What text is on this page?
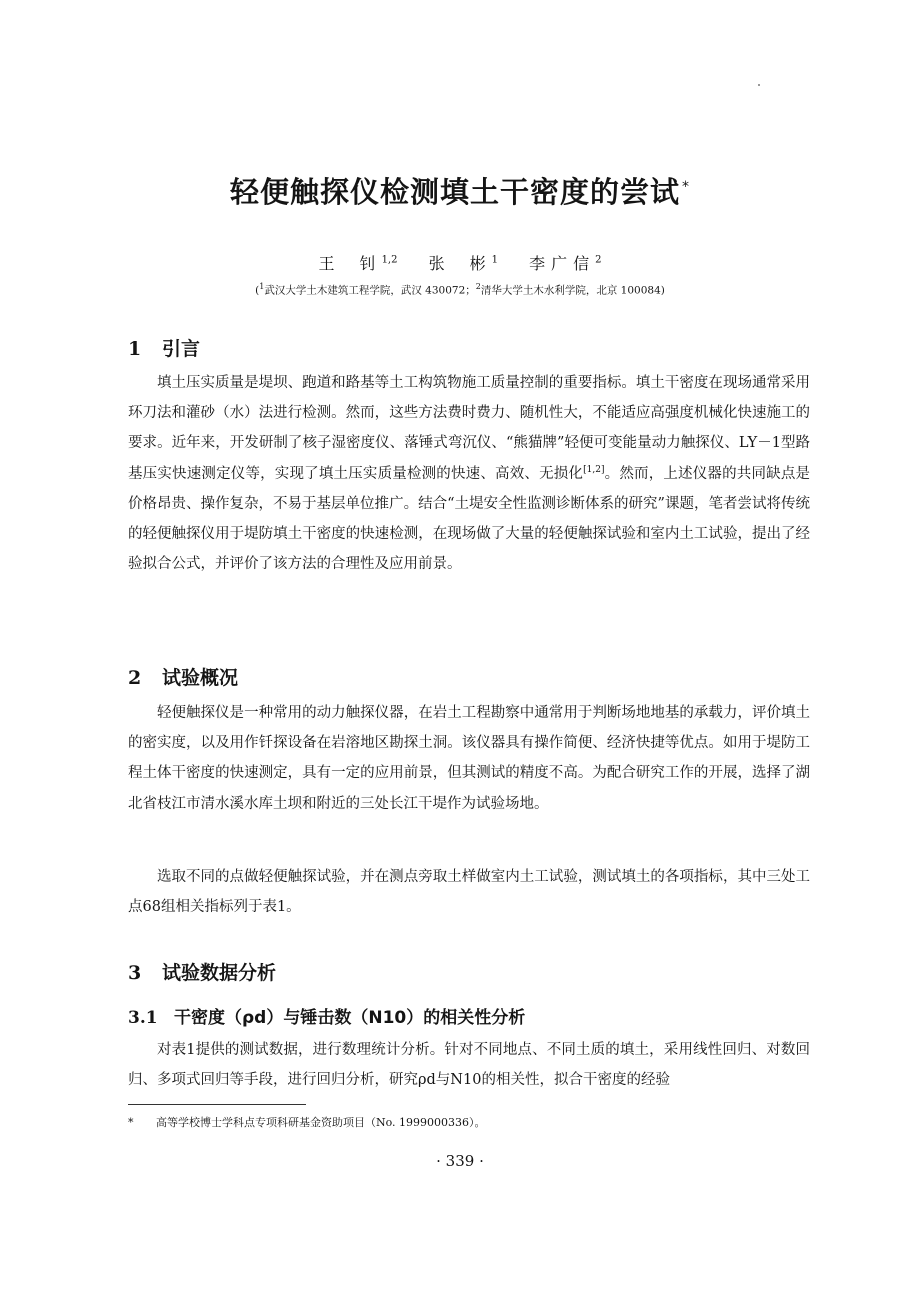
轻便触探仪检测填土干密度的尝试 *
王 钊$^{1,2}$ 张 彬$^1$ 李广信$^2$
($^1$武汉大学土木建筑工程学院，武汉 430072；$^2$清华大学土木水利学院，北京 100084)
1 引言

填土压实质量是堤坝、跑道和路基等土工构筑物施工质量控制的重要指标。填土干密度在现场通常采用环刀法和灌砂（水）法进行检测。然而，这些方法费时费力、随机性大，不能适应高强度机械化快速施工的要求。近年来，开发研制了核子湿密度仪、落锤式弯沉仪、“熊猫牌”轻便可变能量动力触探仪、LY－1型路基压实快速测定仪等，实现了填土压实质量检测的快速、高效、无损化[1,2]。然而，上述仪器的共同缺点是价格昂贵、操作复杂，不易于基层单位推广。结合“土堤安全性监测诊断体系的研究”课题，笔者尝试将传统的轻便触探仪用于堤防填土干密度的快速检测，在现场做了大量的轻便触探试验和室内土工试验，提出了经验拟合公式，并评价了该方法的合理性及应用前景。

2 试验概况

轻便触探仪是一种常用的动力触探仪器，在岩土工程勘察中通常用于判断场地地基的承载力，评价填土的密实度，以及用作钎探设备在岩溶地区勘探土洞。该仪器具有操作简便、经济快捷等优点。如用于堤防工程土体干密度的快速测定，具有一定的应用前景，但其测试的精度不高。为配合研究工作的开展，选择了湖北省枝江市清水溪水库土坝和附近的三处长江干堤作为试验场地。

选取不同的点做轻便触探试验，并在测点旁取土样做室内土工试验，测试填土的各项指标，其中三处工点68组相关指标列于表1。

3 试验数据分析
3.1 干密度（ρd）与锤击数（N10）的相关性分析

对表1提供的测试数据，进行数理统计分析。针对不同地点、不同土质的填土，采用线性回归、对数回归、多项式回归等手段，进行回归分析，研究ρd与N10的相关性，拟合干密度的经验

* 高等学校博士学科点专项科研基金资助项目（No. 1999000336）。
· 339 ·
